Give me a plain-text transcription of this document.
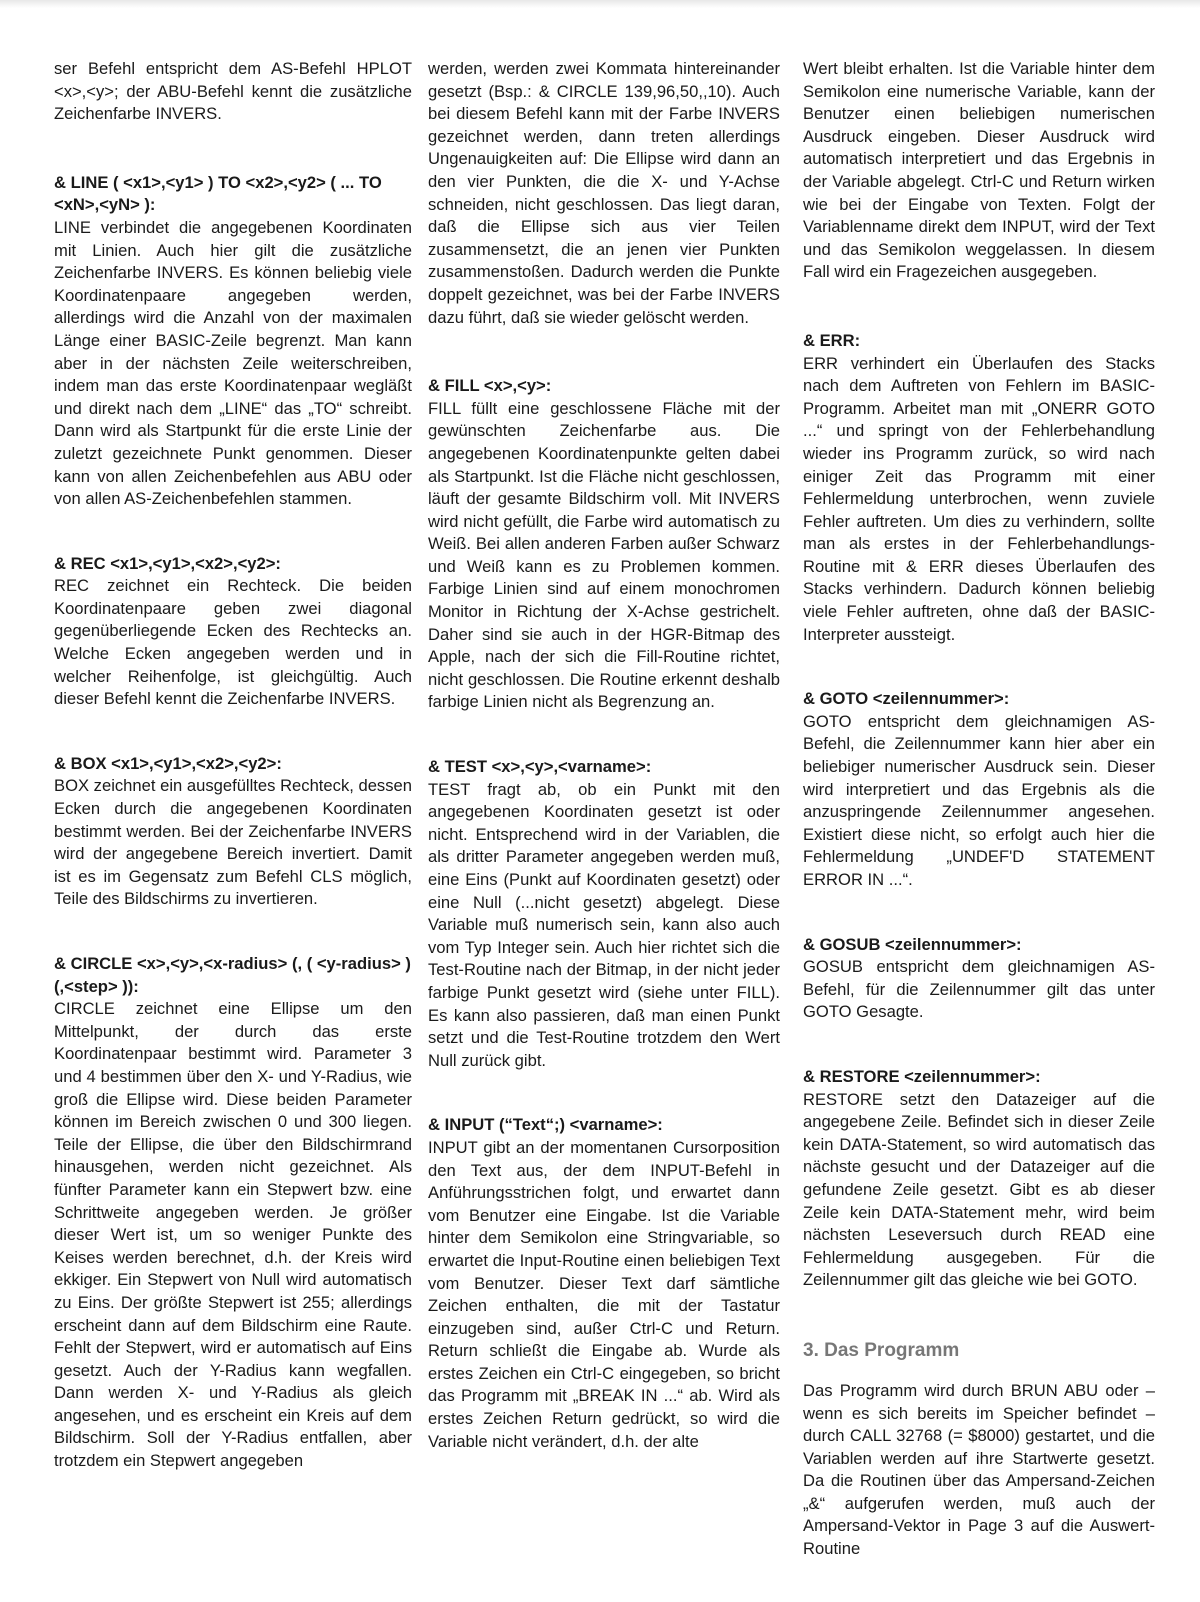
ser Befehl entspricht dem AS-Befehl HPLOT <x>,<y>; der ABU-Befehl kennt die zusätzliche Zeichenfarbe INVERS.

& LINE ( <x1>,<y1> ) TO <x2>,<y2> ( ... TO <xN>,<yN> ):

LINE verbindet die angegebenen Koordinaten mit Linien. Auch hier gilt die zusätzliche Zeichenfarbe INVERS. Es können beliebig viele Koordinatenpaare angegeben werden, allerdings wird die Anzahl von der maximalen Länge einer BASIC-Zeile begrenzt. Man kann aber in der nächsten Zeile weiterschreiben, indem man das erste Koordinatenpaar wegläßt und direkt nach dem „LINE“ das „TO“ schreibt. Dann wird als Startpunkt für die erste Linie der zuletzt gezeichnete Punkt genommen. Dieser kann von allen Zeichenbefehlen aus ABU oder von allen AS-Zeichenbefehlen stammen.

& REC <x1>,<y1>,<x2>,<y2>:

REC zeichnet ein Rechteck. Die beiden Koordinatenpaare geben zwei diagonal gegenüberliegende Ecken des Rechtecks an. Welche Ecken angegeben werden und in welcher Reihenfolge, ist gleichgültig. Auch dieser Befehl kennt die Zeichenfarbe INVERS.

& BOX <x1>,<y1>,<x2>,<y2>:

BOX zeichnet ein ausgefülltes Rechteck, dessen Ecken durch die angegebenen Koordinaten bestimmt werden. Bei der Zeichenfarbe INVERS wird der angegebene Bereich invertiert. Damit ist es im Gegensatz zum Befehl CLS möglich, Teile des Bildschirms zu invertieren.

& CIRCLE <x>,<y>,<x-radius> (, ( <y-radius> ) (,<step> )):

CIRCLE zeichnet eine Ellipse um den Mittelpunkt, der durch das erste Koordinatenpaar bestimmt wird. Parameter 3 und 4 bestimmen über den X- und Y-Radius, wie groß die Ellipse wird. Diese beiden Parameter können im Bereich zwischen 0 und 300 liegen. Teile der Ellipse, die über den Bildschirmrand hinausgehen, werden nicht gezeichnet. Als fünfter Parameter kann ein Stepwert bzw. eine Schrittweite angegeben werden. Je größer dieser Wert ist, um so weniger Punkte des Keises werden berechnet, d.h. der Kreis wird ekkiger. Ein Stepwert von Null wird automatisch zu Eins. Der größte Stepwert ist 255; allerdings erscheint dann auf dem Bildschirm eine Raute. Fehlt der Stepwert, wird er automatisch auf Eins gesetzt. Auch der Y-Radius kann wegfallen. Dann werden X- und Y-Radius als gleich angesehen, und es erscheint ein Kreis auf dem Bildschirm. Soll der Y-Radius entfallen, aber trotzdem ein Stepwert angegeben

werden, werden zwei Kommata hintereinander gesetzt (Bsp.: & CIRCLE 139,96,50,,10). Auch bei diesem Befehl kann mit der Farbe INVERS gezeichnet werden, dann treten allerdings Ungenauigkeiten auf: Die Ellipse wird dann an den vier Punkten, die die X- und Y-Achse schneiden, nicht geschlossen. Das liegt daran, daß die Ellipse sich aus vier Teilen zusammensetzt, die an jenen vier Punkten zusammenstoßen. Dadurch werden die Punkte doppelt gezeichnet, was bei der Farbe INVERS dazu führt, daß sie wieder gelöscht werden.

& FILL <x>,<y>:

FILL füllt eine geschlossene Fläche mit der gewünschten Zeichenfarbe aus. Die angegebenen Koordinatenpunkte gelten dabei als Startpunkt. Ist die Fläche nicht geschlossen, läuft der gesamte Bildschirm voll. Mit INVERS wird nicht gefüllt, die Farbe wird automatisch zu Weiß. Bei allen anderen Farben außer Schwarz und Weiß kann es zu Problemen kommen. Farbige Linien sind auf einem monochromen Monitor in Richtung der X-Achse gestrichelt. Daher sind sie auch in der HGR-Bitmap des Apple, nach der sich die Fill-Routine richtet, nicht geschlossen. Die Routine erkennt deshalb farbige Linien nicht als Begrenzung an.

& TEST <x>,<y>,<varname>:

TEST fragt ab, ob ein Punkt mit den angegebenen Koordinaten gesetzt ist oder nicht. Entsprechend wird in der Variablen, die als dritter Parameter angegeben werden muß, eine Eins (Punkt auf Koordinaten gesetzt) oder eine Null (...nicht gesetzt) abgelegt. Diese Variable muß numerisch sein, kann also auch vom Typ Integer sein. Auch hier richtet sich die Test-Routine nach der Bitmap, in der nicht jeder farbige Punkt gesetzt wird (siehe unter FILL). Es kann also passieren, daß man einen Punkt setzt und die Test-Routine trotzdem den Wert Null zurück gibt.

& INPUT (“Text“;) <varname>:

INPUT gibt an der momentanen Cursorposition den Text aus, der dem INPUT-Befehl in Anführungsstrichen folgt, und erwartet dann vom Benutzer eine Eingabe. Ist die Variable hinter dem Semikolon eine Stringvariable, so erwartet die Input-Routine einen beliebigen Text vom Benutzer. Dieser Text darf sämtliche Zeichen enthalten, die mit der Tastatur einzugeben sind, außer Ctrl-C und Return. Return schließt die Eingabe ab. Wurde als erstes Zeichen ein Ctrl-C eingegeben, so bricht das Programm mit „BREAK IN ...“ ab. Wird als erstes Zeichen Return gedrückt, so wird die Variable nicht verändert, d.h. der alte

Wert bleibt erhalten. Ist die Variable hinter dem Semikolon eine numerische Variable, kann der Benutzer einen beliebigen numerischen Ausdruck eingeben. Dieser Ausdruck wird automatisch interpretiert und das Ergebnis in der Variable abgelegt. Ctrl-C und Return wirken wie bei der Eingabe von Texten. Folgt der Variablenname direkt dem INPUT, wird der Text und das Semikolon weggelassen. In diesem Fall wird ein Fragezeichen ausgegeben.

& ERR:

ERR verhindert ein Überlaufen des Stacks nach dem Auftreten von Fehlern im BASIC-Programm. Arbeitet man mit „ONERR GOTO ...“ und springt von der Fehlerbehandlung wieder ins Programm zurück, so wird nach einiger Zeit das Programm mit einer Fehlermeldung unterbrochen, wenn zuviele Fehler auftreten. Um dies zu verhindern, sollte man als erstes in der Fehlerbehandlungs-Routine mit & ERR dieses Überlaufen des Stacks verhindern. Dadurch können beliebig viele Fehler auftreten, ohne daß der BASIC-Interpreter aussteigt.

& GOTO <zeilennummer>:

GOTO entspricht dem gleichnamigen AS-Befehl, die Zeilennummer kann hier aber ein beliebiger numerischer Ausdruck sein. Dieser wird interpretiert und das Ergebnis als die anzuspringende Zeilennummer angesehen. Existiert diese nicht, so erfolgt auch hier die Fehlermeldung „UNDEF'D STATEMENT ERROR IN ...“.

& GOSUB <zeilennummer>:

GOSUB entspricht dem gleichnamigen AS-Befehl, für die Zeilennummer gilt das unter GOTO Gesagte.

& RESTORE <zeilennummer>:

RESTORE setzt den Datazeiger auf die angegebene Zeile. Befindet sich in dieser Zeile kein DATA-Statement, so wird automatisch das nächste gesucht und der Datazeiger auf die gefundene Zeile gesetzt. Gibt es ab dieser Zeile kein DATA-Statement mehr, wird beim nächsten Leseversuch durch READ eine Fehlermeldung ausgegeben. Für die Zeilennummer gilt das gleiche wie bei GOTO.

3. Das Programm

Das Programm wird durch BRUN ABU oder – wenn es sich bereits im Speicher befindet – durch CALL 32768 (= $8000) gestartet, und die Variablen werden auf ihre Startwerte gesetzt. Da die Routinen über das Ampersand-Zeichen „&“ aufgerufen werden, muß auch der Ampersand-Vektor in Page 3 auf die Auswert-Routine
